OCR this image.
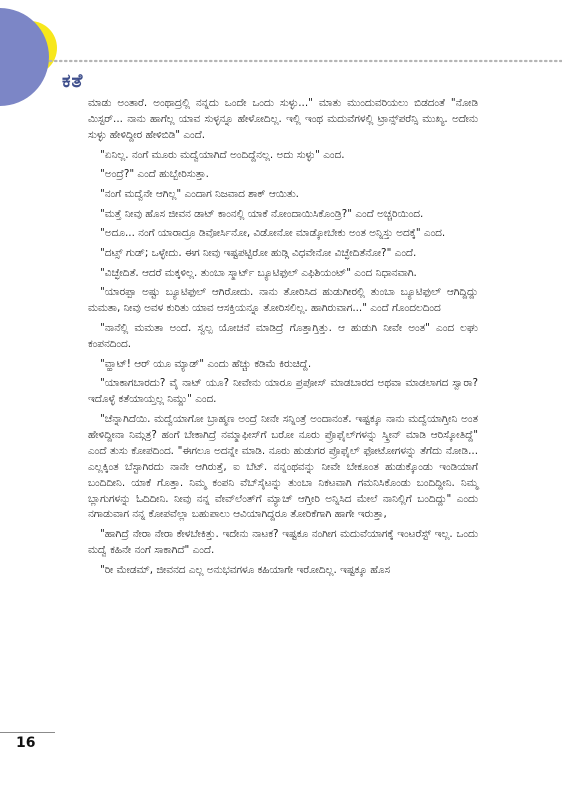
ಕತೆ

ಮಾಡು ಅಂತಾರೆ. ಅಂಥಾದ್ರಲ್ಲಿ ನನ್ನದು ಒಂದೇ ಒಂದು ಸುಳ್ಳು..." ಮಾತು ಮುಂದುವರಿಯಲು ಬಿಡದಂತೆ "ನೋಡಿ ಮಿಸ್ಟರ್... ನಾನು ಹಾಗೆಲ್ಲ ಯಾವ ಸುಳ್ಳನ್ನೂ ಹೇಳೋದಿಲ್ಲ. ಇಲ್ಲಿ ಇಂಥ ಮದುವೆಗಳಲ್ಲಿ ಟ್ರಾನ್ಸ್‌ಪರೆನ್ಸಿ ಮುಖ್ಯ. ಅದೇನು ಸುಳ್ಳು ಹೇಳಿದ್ದೀರ ಹೇಳಿಬಿಡಿ" ಎಂದೆ.

"ಏನಿಲ್ಲ. ನಂಗೆ ಮೂರು ಮದ್ವೆಯಾಗಿದೆ ಅಂದಿದ್ದೆನಲ್ಲ. ಅದು ಸುಳ್ಳು" ಎಂದ.

"ಅಂದ್ರೆ?" ಎಂದೆ ಹುಬ್ಬೇರಿಸುತ್ತಾ.

"ನಂಗೆ ಮದ್ವೆನೇ ಆಗಿಲ್ಲ" ಎಂದಾಗ ನಿಜವಾದ ಶಾಕ್ ಆಯಿತು.

"ಮತ್ತೆ ನೀವು ಹೊಸ ಜೀವನ ಡಾಟ್ ಕಾಂನಲ್ಲಿ ಯಾಕೆ ನೋಂದಾಯಿಸಿಕೊಂಡ್ರಿ?" ಎಂದೆ ಅಚ್ಚರಿಯಿಂದ.

"ಅದೂ... ನಂಗೆ ಯಾರಾದ್ರೂ ಡಿವೋರ್ಸಿನೋ, ವಿಡೋನೋ ಮಾಡ್ಕೋಬೇಕು ಅಂತ ಅನ್ನಿಸ್ತು ಅದಕ್ಕೆ" ಎಂದ.

"ದಟ್ಸ್ ಗುಡ್; ಒಳ್ಳೇದು. ಈಗ ನೀವು ಇಷ್ಟಪಟ್ಟಿರೋ ಹುಡ್ಗಿ ವಿಧವೇನೋ ವಿಚ್ಛೇದಿತೆನೋ?" ಎಂದೆ.

"ವಿಚ್ಛೇದಿತೆ. ಆದರೆ ಮಕ್ಕಳಿಲ್ಲ. ತುಂಬಾ ಸ್ಮಾರ್ಟ್ ಬ್ಯೂಟಿಫುಲ್ ಎಫಿಶಿಯಂಟ್" ಎಂದ ನಿಧಾನವಾಗಿ.

"ಯಾರಪ್ಪಾ ಅಷ್ಟು ಬ್ಯೂಟಿಫುಲ್ ಆಗಿರೋದು. ನಾನು ತೋರಿಸಿದ ಹುಡುಗೀರಲ್ಲಿ ತುಂಬಾ ಬ್ಯೂಟಿಫುಲ್ ಆಗಿದ್ದಿದ್ದು ಮಮತಾ, ನೀವು ಅವಳ ಕುರಿತು ಯಾವ ಆಸಕ್ತಿಯನ್ನೂ ತೋರಿಸಲಿಲ್ಲ. ಹಾಗಿರುವಾಗ..." ಎಂದೆ ಗೊಂದಲದಿಂದ

"ನಾನೆಲ್ಲಿ ಮಮತಾ ಅಂದೆ. ಸ್ವಲ್ಪ ಯೋಚನೆ ಮಾಡಿದ್ರೆ ಗೊತ್ತಾಗ್ತಿತ್ತು. ಆ ಹುಡುಗಿ ನೀವೇ ಅಂತ" ಎಂದ ಲಘು ಕಂಪನದಿಂದ.

"ವ್ಹಾಟ್! ಆರ್ ಯೂ ಮ್ಯಾಡ್" ಎಂದು ಹೆಚ್ಚು ಕಡಿಮೆ ಕಿರುಚಿದ್ದೆ.

"ಯಾಕಾಗಬಾರದು? ವೈ ನಾಟ್ ಯೂ? ನೀವೇನು ಯಾರೂ ಪ್ರಪೋಸ್ ಮಾಡಬಾರದ ಅಥವಾ ಮಾಡಲಾಗದ ಸ್ವಾರಾ? ಇದೊಳ್ಳೆ ಕತೆಯಾಯ್ತಲ್ಲ ನಿಮ್ದು" ಎಂದ.

"ಚೆನ್ನಾಗಿದೆಯಿ. ಮದ್ವೆಯಾಗೋ ಬ್ರಾಹ್ಮಣ ಅಂದ್ರೆ ನೀನೇ ಸನ್ನಿಂತ್ರೆ ಅಂದಾನಂತೆ. ಇಷ್ಟಕ್ಕೂ ನಾನು ಮದ್ವೆಯಾಗ್ತೀನಿ ಅಂತ ಹೇಳಿದ್ದೀನಾ ನಿಮ್ಗತ್ರ? ಹಂಗೆ ಬೇಕಾಗಿದ್ರೆ ನಮ್ಮಾಫೀಸ್‌ಗೆ ಬರೋ ನೂರು ಪ್ರೊಫೈಲ್‌ಗಳನ್ನು ಸ್ಕ್ರೀನ್ ಮಾಡಿ ಆರಿಸ್ಕೋತಿದ್ದೆ" ಎಂದೆ ತುಸು ಕೋಪದಿಂದ. "ಈಗಲೂ ಅದನ್ನೇ ಮಾಡಿ. ನೂರು ಹುಡುಗರ ಪ್ರೊಫೈಲ್ ಫೋಟೋಗಳನ್ನು ತೆಗೆದು ನೋಡಿ... ಎಲ್ಲಕ್ಕಿಂತ ಬೆಸ್ಟಾಗಿರದು ನಾನೇ ಆಗಿರುತ್ತೆ, ಐ ಬೆಟ್. ನನ್ನಂಥವನ್ನು ನೀವೇ ಬೇಕೂಂತ ಹುಡುಕ್ಕೊಂಡು ಇಂಡಿಯಾಗೆ ಬಂದಿದೀನಿ. ಯಾಕೆ ಗೊತ್ತಾ. ನಿಮ್ಮ ಕಂಪನಿ ವೆಬ್‌ಸೈಟನ್ನು ತುಂಬಾ ನಿಕಟವಾಗಿ ಗಮನಿಸಿಕೊಂಡು ಬಂದಿದ್ದೀನಿ. ನಿಮ್ಮ ಬ್ಲಾಗುಗಳನ್ನು ಓದಿದೀನಿ. ನೀವು ನನ್ನ ವೇವ್‌ಲೆಂತ್‌ಗೆ ಮ್ಯಾಚ್ ಆಗ್ತೀರಿ ಅನ್ನಿಸಿದ ಮೇಲೆ ನಾನಿಲ್ಲಿಗೆ ಬಂದಿದ್ದು" ಎಂದು ನಗಾಡುವಾಗ ನನ್ನ ಕೋಪವೆಲ್ಲಾ ಬಹುಪಾಲು ಆವಿಯಾಗಿದ್ದರೂ ತೋರಿಕೆಗಾಗಿ ಹಾಗೇ ಇರುತ್ತಾ,

"ಹಾಗಿದ್ರೆ ನೇರಾ ನೇರಾ ಕೇಳಬೇಕಿತ್ತು. ಇದೇನು ನಾಟಕ? ಇಷ್ಟಕೂ ನಂಗೀಗ ಮದುವೆಯಾಗಕ್ಕೆ ಇಂಟರೆಸ್ಟ್ ಇಲ್ಲ. ಒಂದು ಮದ್ವೆ ಕಹಿನೇ ನಂಗೆ ಸಾಕಾಗಿದೆ" ಎಂದೆ.

"ರೀ ಮೇಡಮ್, ಜೀವನದ ಎಲ್ಲ ಅನುಭವಗಳೂ ಕಹಿಯಾಗೇ ಇರೋದಿಲ್ಲ. ಇಷ್ಟಕ್ಕೂ ಹೊಸ

16
